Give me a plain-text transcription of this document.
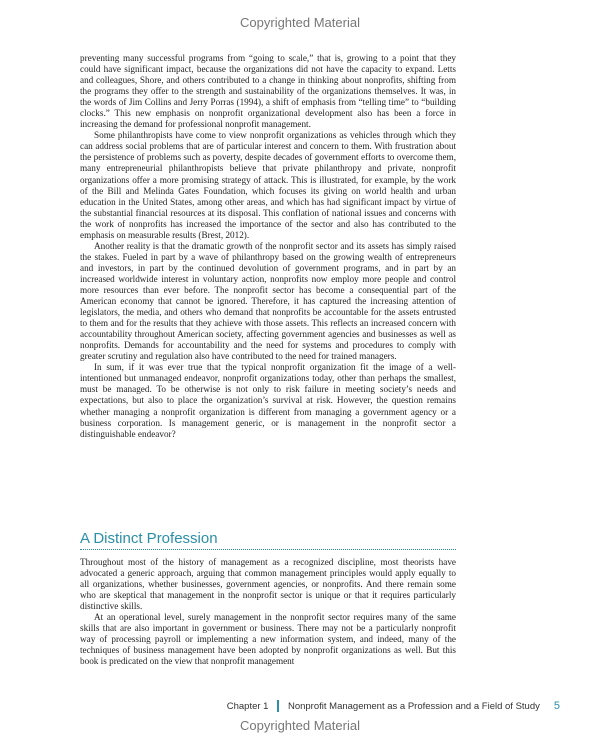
Copyrighted Material

preventing many successful programs from “going to scale,” that is, growing to a point that they could have significant impact, because the organizations did not have the capacity to expand. Letts and colleagues, Shore, and others contributed to a change in thinking about nonprofits, shifting from the programs they offer to the strength and sustainability of the organizations themselves. It was, in the words of Jim Collins and Jerry Porras (1994), a shift of emphasis from “telling time” to “building clocks.” This new emphasis on nonprofit organizational development also has been a force in increasing the demand for professional nonprofit management.

Some philanthropists have come to view nonprofit organizations as vehicles through which they can address social problems that are of particular interest and concern to them. With frustration about the persistence of problems such as poverty, despite decades of government efforts to overcome them, many entrepreneurial philanthropists believe that private philanthropy and private, nonprofit organizations offer a more promising strategy of attack. This is illustrated, for example, by the work of the Bill and Melinda Gates Foundation, which focuses its giving on world health and urban education in the United States, among other areas, and which has had significant impact by virtue of the substantial financial resources at its disposal. This conflation of national issues and concerns with the work of nonprofits has increased the importance of the sector and also has contributed to the emphasis on measurable results (Brest, 2012).

Another reality is that the dramatic growth of the nonprofit sector and its assets has simply raised the stakes. Fueled in part by a wave of philanthropy based on the growing wealth of entrepreneurs and investors, in part by the continued devolution of government programs, and in part by an increased worldwide interest in voluntary action, nonprofits now employ more people and control more resources than ever before. The nonprofit sector has become a consequential part of the American economy that cannot be ignored. Therefore, it has captured the increasing attention of legislators, the media, and others who demand that nonprofits be accountable for the assets entrusted to them and for the results that they achieve with those assets. This reflects an increased concern with accountability throughout American society, affecting government agencies and businesses as well as nonprofits. Demands for accountability and the need for systems and procedures to comply with greater scrutiny and regulation also have contributed to the need for trained managers.

In sum, if it was ever true that the typical nonprofit organization fit the image of a well-intentioned but unmanaged endeavor, nonprofit organizations today, other than perhaps the smallest, must be managed. To be otherwise is not only to risk failure in meeting society’s needs and expectations, but also to place the organization’s survival at risk. However, the question remains whether managing a nonprofit organization is different from managing a government agency or a business corporation. Is management generic, or is management in the nonprofit sector a distinguishable endeavor?

A Distinct Profession

Throughout most of the history of management as a recognized discipline, most theorists have advocated a generic approach, arguing that common management principles would apply equally to all organizations, whether businesses, government agencies, or nonprofits. And there remain some who are skeptical that management in the nonprofit sector is unique or that it requires particularly distinctive skills.

At an operational level, surely management in the nonprofit sector requires many of the same skills that are also important in government or business. There may not be a particularly nonprofit way of processing payroll or implementing a new information system, and indeed, many of the techniques of business management have been adopted by nonprofit organizations as well. But this book is predicated on the view that nonprofit management

Chapter 1 Nonprofit Management as a Profession and a Field of Study 5
Copyrighted Material
